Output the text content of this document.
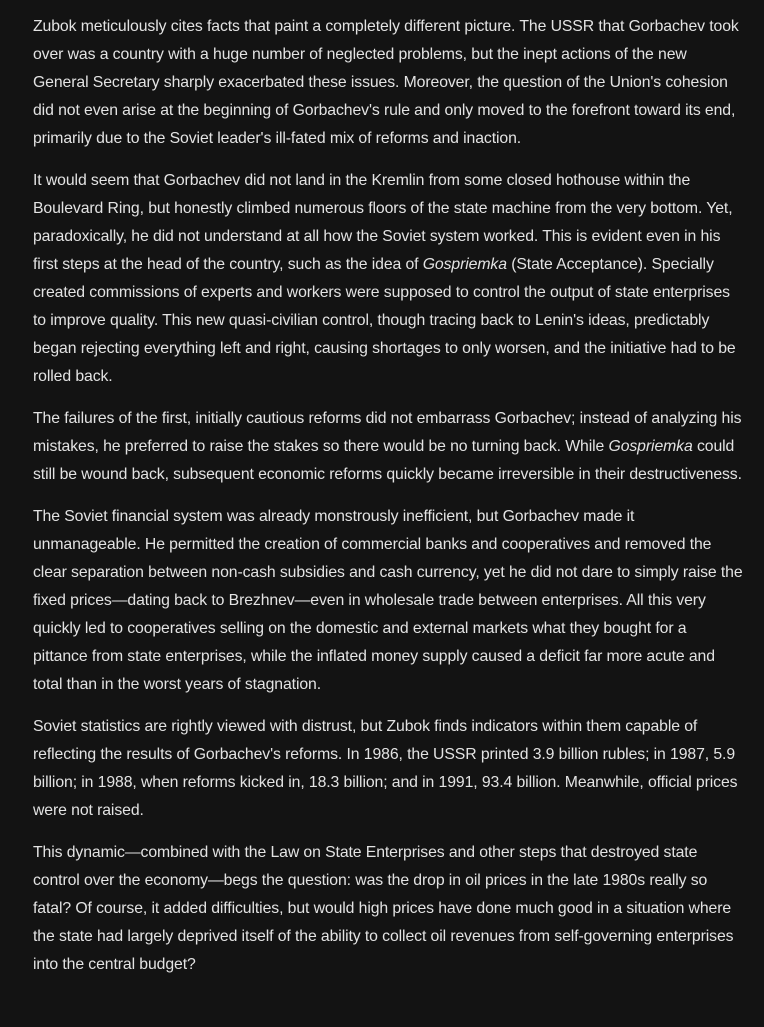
Zubok meticulously cites facts that paint a completely different picture. The USSR that Gorbachev took over was a country with a huge number of neglected problems, but the inept actions of the new General Secretary sharply exacerbated these issues. Moreover, the question of the Union's cohesion did not even arise at the beginning of Gorbachev's rule and only moved to the forefront toward its end, primarily due to the Soviet leader's ill-fated mix of reforms and inaction.

It would seem that Gorbachev did not land in the Kremlin from some closed hothouse within the Boulevard Ring, but honestly climbed numerous floors of the state machine from the very bottom. Yet, paradoxically, he did not understand at all how the Soviet system worked. This is evident even in his first steps at the head of the country, such as the idea of Gospriemka (State Acceptance). Specially created commissions of experts and workers were supposed to control the output of state enterprises to improve quality. This new quasi-civilian control, though tracing back to Lenin's ideas, predictably began rejecting everything left and right, causing shortages to only worsen, and the initiative had to be rolled back.

The failures of the first, initially cautious reforms did not embarrass Gorbachev; instead of analyzing his mistakes, he preferred to raise the stakes so there would be no turning back. While Gospriemka could still be wound back, subsequent economic reforms quickly became irreversible in their destructiveness.

The Soviet financial system was already monstrously inefficient, but Gorbachev made it unmanageable. He permitted the creation of commercial banks and cooperatives and removed the clear separation between non-cash subsidies and cash currency, yet he did not dare to simply raise the fixed prices—dating back to Brezhnev—even in wholesale trade between enterprises. All this very quickly led to cooperatives selling on the domestic and external markets what they bought for a pittance from state enterprises, while the inflated money supply caused a deficit far more acute and total than in the worst years of stagnation.

Soviet statistics are rightly viewed with distrust, but Zubok finds indicators within them capable of reflecting the results of Gorbachev's reforms. In 1986, the USSR printed 3.9 billion rubles; in 1987, 5.9 billion; in 1988, when reforms kicked in, 18.3 billion; and in 1991, 93.4 billion. Meanwhile, official prices were not raised.

This dynamic—combined with the Law on State Enterprises and other steps that destroyed state control over the economy—begs the question: was the drop in oil prices in the late 1980s really so fatal? Of course, it added difficulties, but would high prices have done much good in a situation where the state had largely deprived itself of the ability to collect oil revenues from self-governing enterprises into the central budget?
